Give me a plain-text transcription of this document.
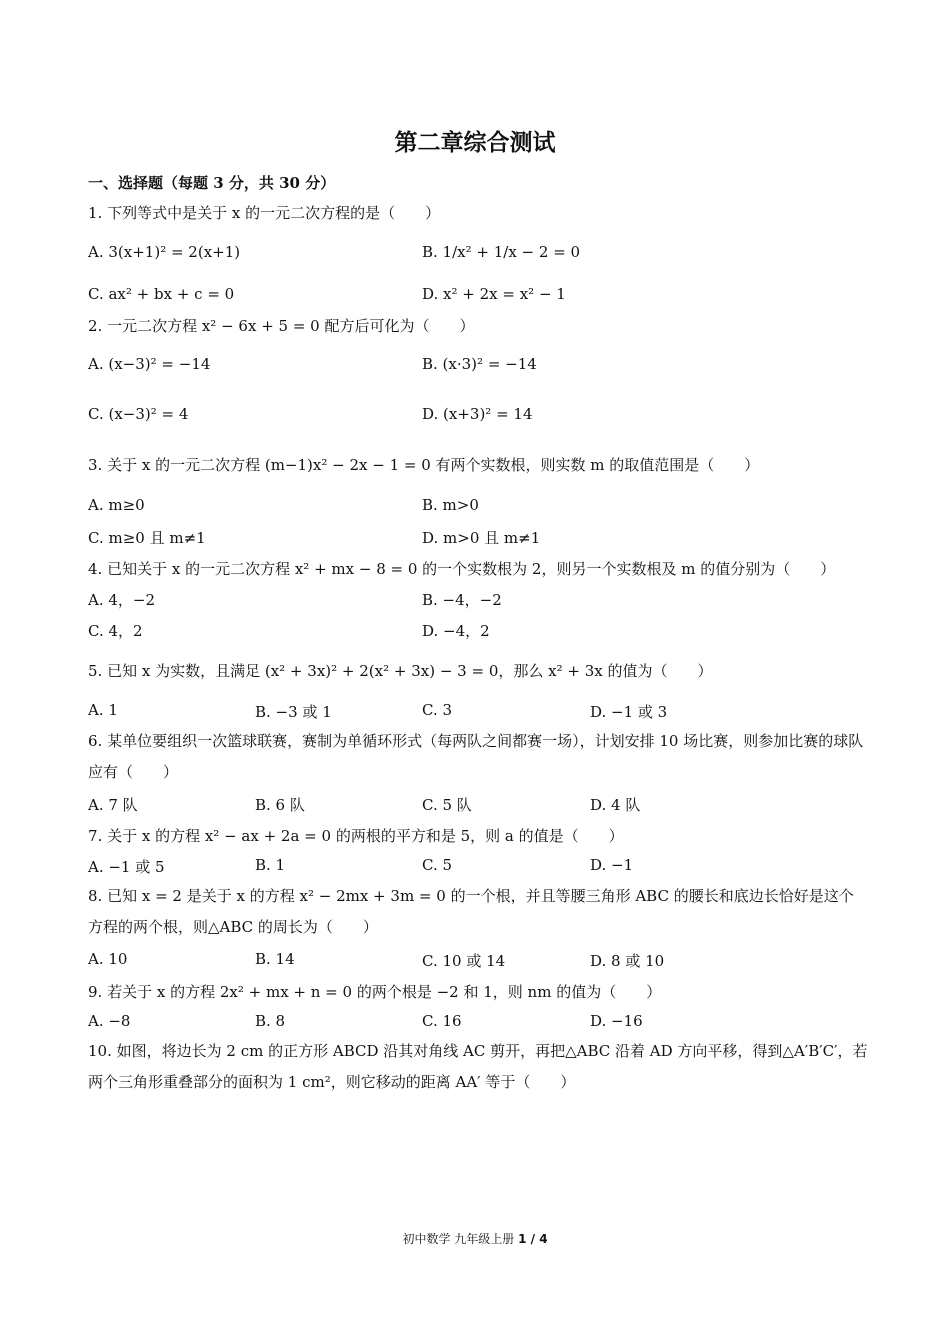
第二章综合测试
一、选择题（每题 3 分，共 30 分）
1. 下列等式中是关于 x 的一元二次方程的是（　　）
A. 3(x+1)² = 2(x+1)	B. 1/x² + 1/x − 2 = 0
C. ax² + bx + c = 0	D. x² + 2x = x² − 1
2. 一元二次方程 x² − 6x + 5 = 0 配方后可化为（　　）
A. (x−3)² = −14	B. (x·3)² = −14
C. (x−3)² = 4	D. (x+3)² = 14
3. 关于 x 的一元二次方程 (m−1)x² − 2x − 1 = 0 有两个实数根，则实数 m 的取值范围是（　　）
A. m≥0	B. m>0
C. m≥0 且 m≠1	D. m>0 且 m≠1
4. 已知关于 x 的一元二次方程 x² + mx − 8 = 0 的一个实数根为 2，则另一个实数根及 m 的值分别为（　　）
A. 4，−2	B. −4，−2
C. 4，2	D. −4，2
5. 已知 x 为实数，且满足 (x² + 3x)² + 2(x² + 3x) − 3 = 0，那么 x² + 3x 的值为（　　）
A. 1	B. −3 或 1	C. 3	D. −1 或 3
6. 某单位要组织一次篮球联赛，赛制为单循环形式（每两队之间都赛一场），计划安排 10 场比赛，则参加比赛的球队应有（　　）
A. 7 队	B. 6 队	C. 5 队	D. 4 队
7. 关于 x 的方程 x² − ax + 2a = 0 的两根的平方和是 5，则 a 的值是（　　）
A. −1 或 5	B. 1	C. 5	D. −1
8. 已知 x = 2 是关于 x 的方程 x² − 2mx + 3m = 0 的一个根，并且等腰三角形 ABC 的腰长和底边长恰好是这个方程的两个根，则△ABC 的周长为（　　）
A. 10	B. 14	C. 10 或 14	D. 8 或 10
9. 若关于 x 的方程 2x² + mx + n = 0 的两个根是 −2 和 1，则 nm 的值为（　　）
A. −8	B. 8	C. 16	D. −16
10. 如图，将边长为 2 cm 的正方形 ABCD 沿其对角线 AC 剪开，再把△ABC 沿着 AD 方向平移，得到△A′B′C′，若两个三角形重叠部分的面积为 1 cm²，则它移动的距离 AA′ 等于（　　）
初中数学 九年级上册 1 / 4
